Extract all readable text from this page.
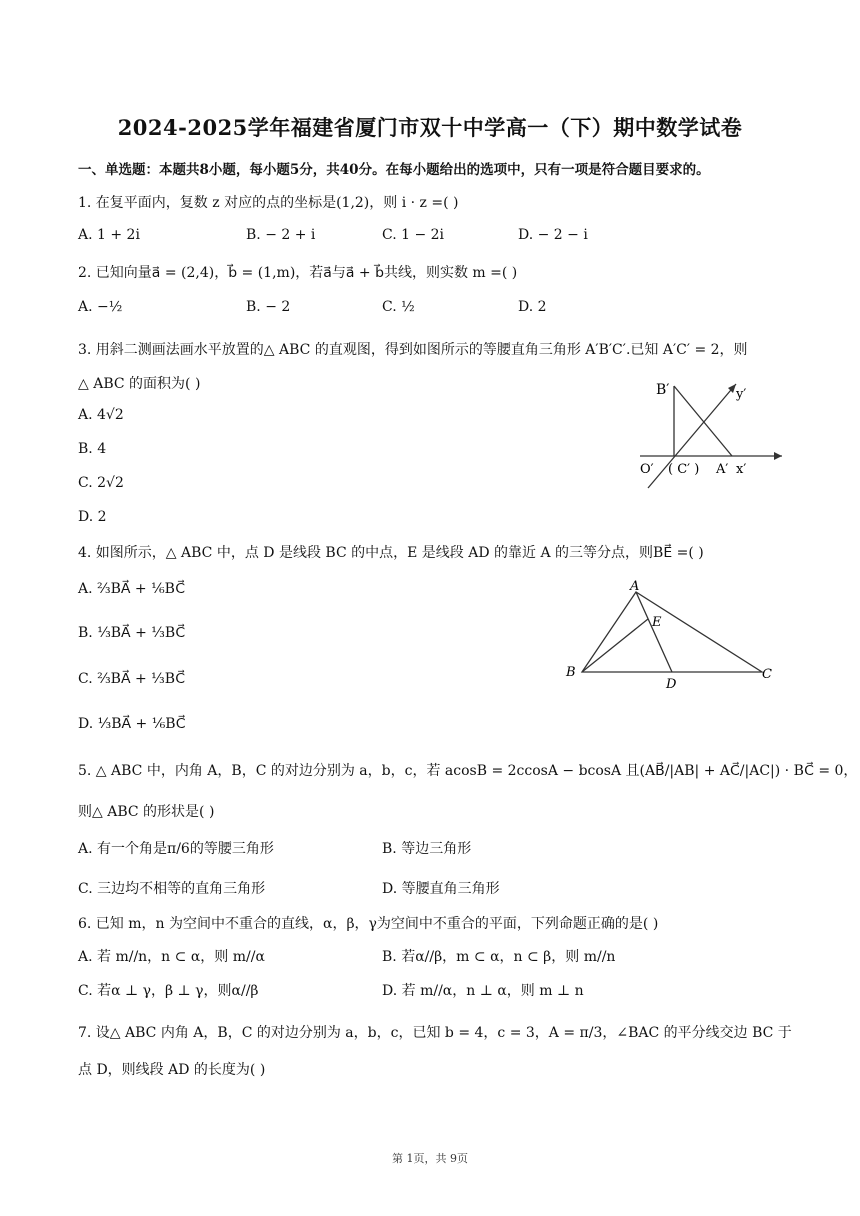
2024-2025学年福建省厦门市双十中学高一（下）期中数学试卷
一、单选题：本题共8小题，每小题5分，共40分。在每小题给出的选项中，只有一项是符合题目要求的。
1. 在复平面内，复数 z 对应的点的坐标是(1,2)，则 i · z =( )
A. 1 + 2i	B. − 2 + i	C. 1 − 2i	D. − 2 − i
2. 已知向量a⃗ = (2,4)，b⃗ = (1,m)，若a⃗与a⃗ + b⃗共线，则实数 m =( )
A. −½	B. − 2	C. ½	D. 2
3. 用斜二测画法画水平放置的△ ABC 的直观图，得到如图所示的等腰直角三角形 A′B′C′.已知 A′C′ = 2，则
△ ABC 的面积为( )
A. 4√2
B. 4
C. 2√2
D. 2
B′	y′
O′ ( C′ ) A′ x′
4. 如图所示，△ ABC 中，点 D 是线段 BC 的中点，E 是线段 AD 的靠近 A 的三等分点，则BE⃗ =( )
A. ⅔BA⃗ + ⅙BC⃗
B. ⅓BA⃗ + ⅓BC⃗
C. ⅔BA⃗ + ⅓BC⃗
D. ⅓BA⃗ + ⅙BC⃗
A
B	C
D
E
5. △ ABC 中，内角 A，B，C 的对边分别为 a，b，c，若 acosB = 2ccosA − bcosA 且(AB⃗/|AB| + AC⃗/|AC|) · BC⃗ = 0，
则△ ABC 的形状是( )
A. 有一个角是π/6的等腰三角形	B. 等边三角形
C. 三边均不相等的直角三角形	D. 等腰直角三角形
6. 已知 m，n 为空间中不重合的直线，α，β，γ为空间中不重合的平面，下列命题正确的是( )
A. 若 m//n，n ⊂ α，则 m//α	B. 若α//β，m ⊂ α，n ⊂ β，则 m//n
C. 若α ⊥ γ，β ⊥ γ，则α//β	D. 若 m//α，n ⊥ α，则 m ⊥ n
7. 设△ ABC 内角 A，B，C 的对边分别为 a，b，c，已知 b = 4，c = 3，A = π/3，∠BAC 的平分线交边 BC 于
点 D，则线段 AD 的长度为( )
第 1页，共 9页
